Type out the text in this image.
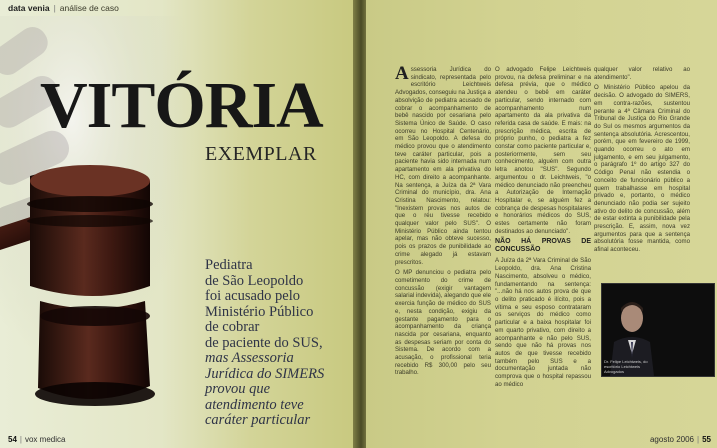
data venia | análise de caso
VITÓRIA
EXEMPLAR
Pediatra
de São Leopoldo
foi acusado pelo
Ministério Público
de cobrar
de paciente do SUS,
mas Assessoria
Jurídica do SIMERS
provou que
atendimento teve
caráter particular
54 | vox medica

Assessoria Jurídica do sindicato, representada pelo escritório Leichtweis Advogados, conseguiu na Justiça a absolvição de pediatra acusado de cobrar o acompanhamento de bebê nascido por cesariana pelo Sistema Único de Saúde. O caso ocorreu no Hospital Centenário, em São Leopoldo. A defesa do médico provou que o atendimento teve caráter particular, pois a paciente havia sido internada num apartamento em ala privativa do HC, com direito a acompanhante. Na sentença, a Juíza da 2ª Vara Criminal do município, dra. Ana Cristina Nascimento, relatou: "Inexistem provas nos autos de que o réu tivesse recebido qualquer valor pelo SUS". O Ministério Público ainda tentou apelar, mas não obteve sucesso, pois os prazos de punibilidade ao crime alegado já estavam prescritos.

O MP denunciou o pediatra pelo cometimento do crime de concussão (exigir vantagem salarial indevida), alegando que ele exercia função de médico do SUS e, nesta condição, exigiu da gestante pagamento para o acompanhamento da criança nascida por cesariana, enquanto as despesas seriam por conta do Sistema. De acordo com a acusação, o profissional teria recebido R$ 300,00 pelo seu trabalho.

O advogado Felipe Leichtweis provou, na defesa preliminar e na defesa prévia, que o médico atendeu o bebê em caráter particular, sendo internado com acompanhamento num apartamento da ala privativa da referida casa de saúde. E mais: na prescrição médica, escrita de próprio punho, o pediatra a fez constar como paciente particular e, posteriormente, sem seu conhecimento, alguém com outra letra anotou "SUS". Segundo argumentou o dr. Leichtweis, "o médico denunciado não preencheu a Autorização de Internação Hospitalar e, se alguém fez a cobrança de despesas hospitalares e honorários médicos do SUS, estes certamente não foram destinados ao denunciado".

NÃO HÁ PROVAS DE CONCUSSÃO

A Juíza da 2ª Vara Criminal de São Leopoldo, dra. Ana Cristina Nascimento, absolveu o médico, fundamentando na sentença: "...não há nos autos prova de que o delito praticado é ilícito, pois a vítima e seu esposo contrataram os serviços do médico como particular e a baixa hospitalar foi em quarto privativo, com direito a acompanhante e não pelo SUS, sendo que não há provas nos autos de que tivesse recebido também pelo SUS e a documentação juntada não comprova que o hospital repassou ao médico

qualquer valor relativo ao atendimento".

O Ministério Público apelou da decisão. O advogado do SIMERS, em contra-razões, sustentou perante a 4ª Câmara Criminal do Tribunal de Justiça do Rio Grande do Sul os mesmos argumentos da sentença absolutória. Acrescentou, porém, que em fevereiro de 1999, quando ocorreu o ato em julgamento, e em seu julgamento, o parágrafo 1º do artigo 327 do Código Penal não estendia o conceito de funcionário público a quem trabalhasse em hospital privado e, portanto, o médico denunciado não podia ser sujeito ativo do delito de concussão, além de estar extinta a punibilidade pela prescrição. E, assim, nova vez argumentos para que a sentença absolutória fosse mantida, como afinal aconteceu.

Dr. Felipe Leichtweis, do escritório Leichtweis Advogados
agosto 2006 | 55
